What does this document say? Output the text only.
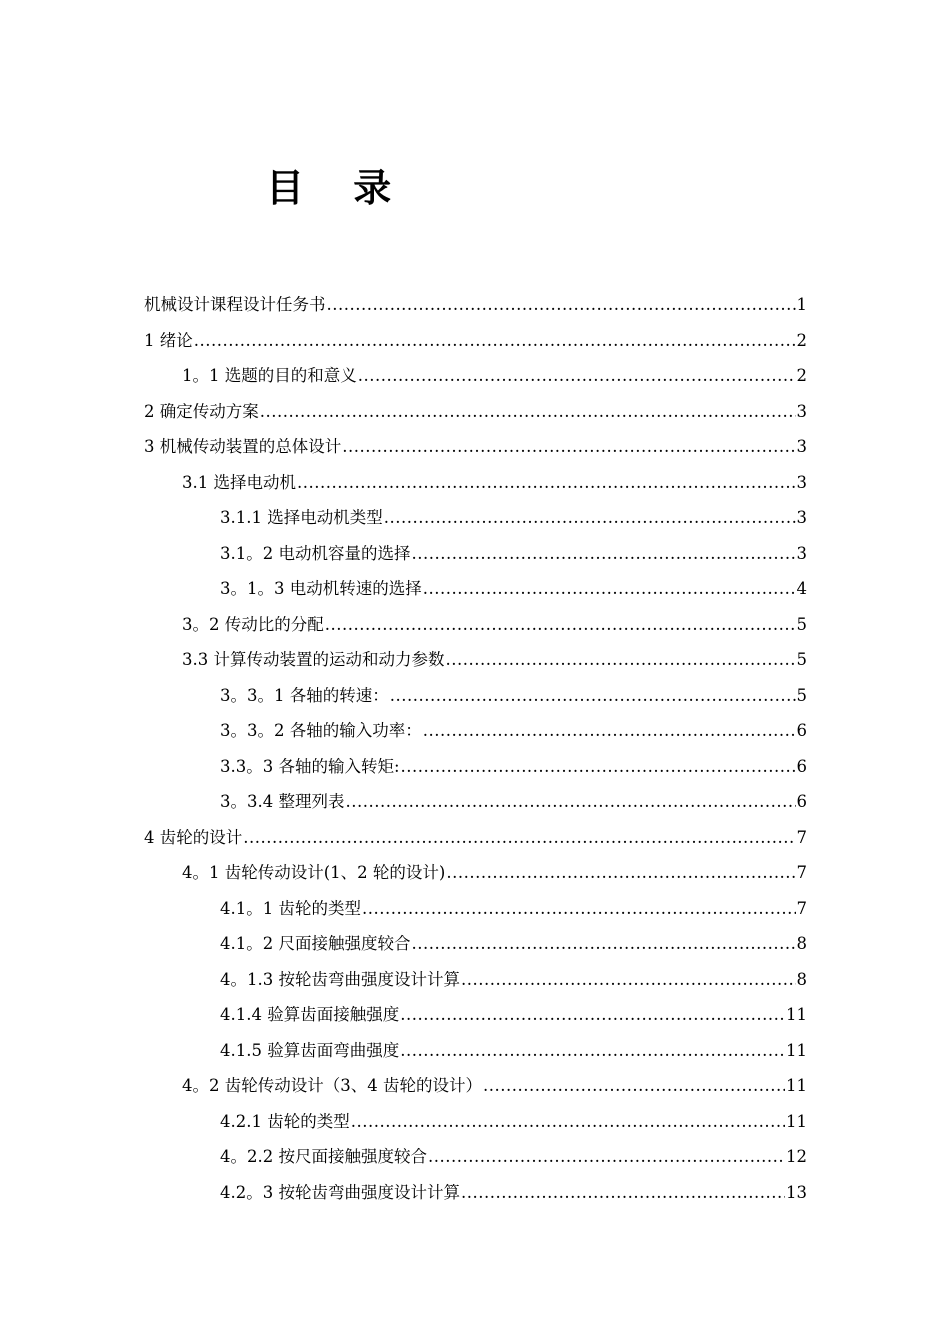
目 录
机械设计课程设计任务书 .....	1
1 绪论 .....	2
1。1 选题的目的和意义 .....	2
2 确定传动方案 .....	3
3 机械传动装置的总体设计 .....	3
3.1 选择电动机 .....	3
3.1.1 选择电动机类型 .....	3
3.1。2 电动机容量的选择 .....	3
3。1。3 电动机转速的选择 .....	4
3。2 传动比的分配 .....	5
3.3 计算传动装置的运动和动力参数 .....	5
3。3。1 各轴的转速： .....	5
3。3。2 各轴的输入功率： .....	6
3.3。3 各轴的输入转矩: .....	6
3。3.4 整理列表 .....	6
4 齿轮的设计 .....	7
4。1 齿轮传动设计(1、2 轮的设计) .....	7
4.1。1 齿轮的类型 .....	7
4.1。2 尺面接触强度较合 .....	8
4。1.3 按轮齿弯曲强度设计计算 .....	8
4.1.4 验算齿面接触强度 .....	11
4.1.5 验算齿面弯曲强度 .....	11
4。2 齿轮传动设计（3、4 齿轮的设计） .....	11
4.2.1 齿轮的类型 .....	11
4。2.2 按尺面接触强度较合 .....	12
4.2。3 按轮齿弯曲强度设计计算 .....	13
